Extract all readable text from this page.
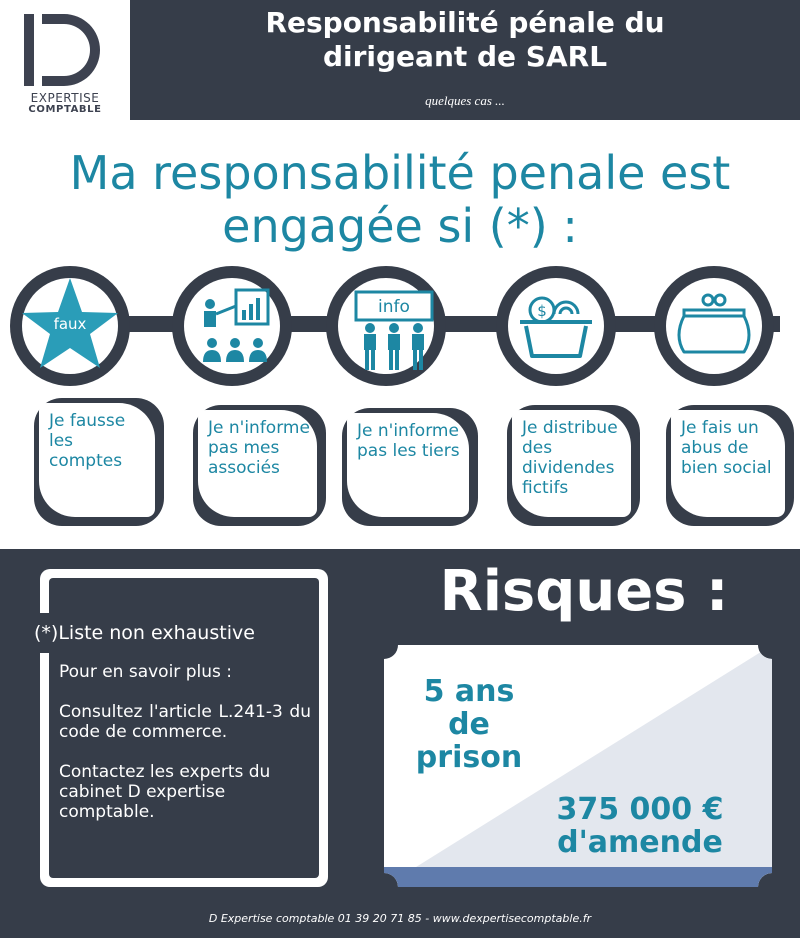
EXPERTISE
COMPTABLE
Responsabilité pénale du
dirigeant de SARL
quelques cas ...
Ma responsabilité penale est
engagée si (*) :
faux
info	$
Je fausse les comptes
Je n'informe pas mes associés
Je n'informe pas les tiers
Je distribue des dividendes fictifs
Je fais un abus de bien social
(*)Liste non exhaustive

Pour en savoir plus :

Consultez l'article L.241-3 du code de commerce.

Contactez les experts du cabinet D expertise comptable.

Risques :
5 ans
de
prison
375 000 €
d'amende
D Expertise comptable 01 39 20 71 85 - www.dexpertisecomptable.fr
